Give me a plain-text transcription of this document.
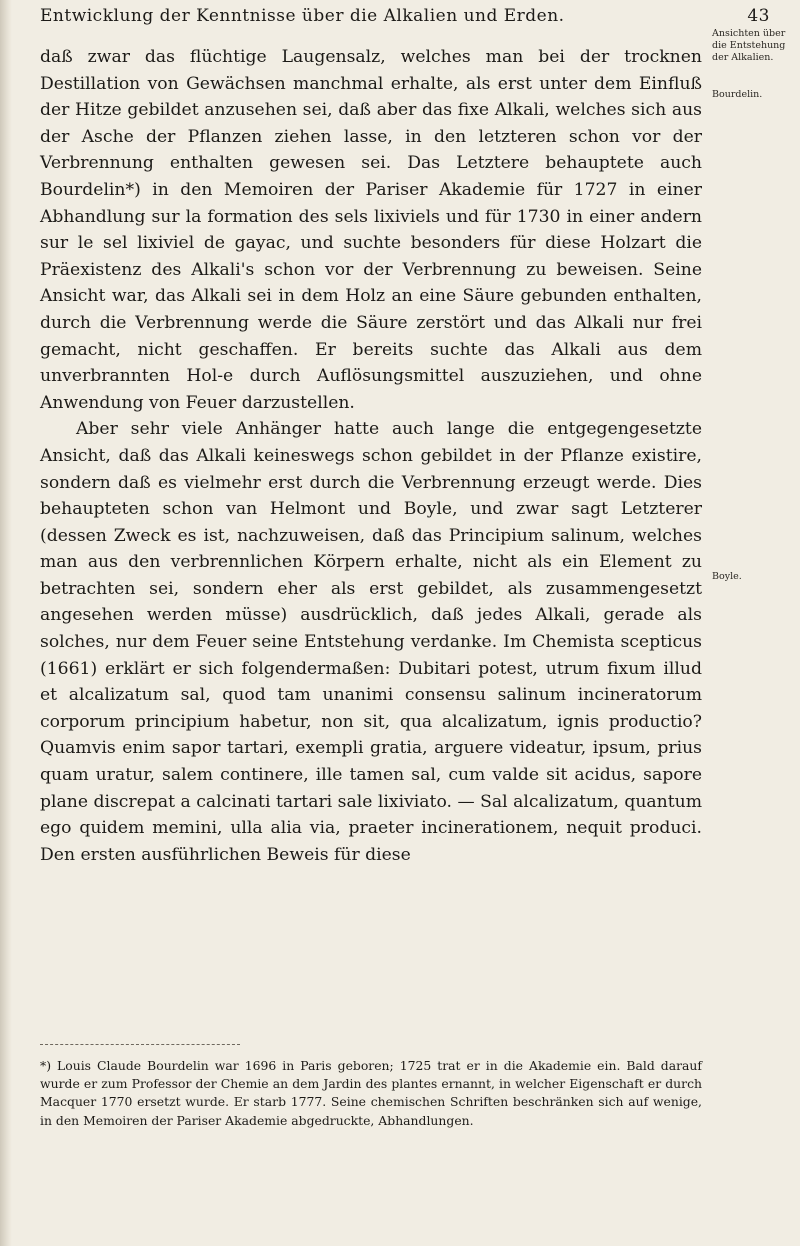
Entwicklung der Kenntnisse über die Alkalien und Erden.	43

daß zwar das flüchtige Laugensalz, welches man bei der trocknen Destillation von Gewächsen manchmal erhalte, als erst unter dem Einfluß der Hitze gebildet anzusehen sei, daß aber das fixe Alkali, welches sich aus der Asche der Pflanzen ziehen lasse, in den letzteren schon vor der Verbrennung enthalten gewesen sei. Das Letztere behauptete auch Bourdelin*) in den Memoiren der Pariser Akademie für 1727 in einer Abhandlung sur la formation des sels lixiviels und für 1730 in einer andern sur le sel lixiviel de gayac, und suchte besonders für diese Holzart die Präexistenz des Alkali's schon vor der Verbrennung zu beweisen. Seine Ansicht war, das Alkali sei in dem Holz an eine Säure gebunden enthalten, durch die Verbrennung werde die Säure zerstört und das Alkali nur frei gemacht, nicht geschaffen. Er bereits suchte das Alkali aus dem unverbrannten Hol-e durch Auflösungsmittel auszuziehen, und ohne Anwendung von Feuer darzustellen.

Aber sehr viele Anhänger hatte auch lange die entgegengesetzte Ansicht, daß das Alkali keineswegs schon gebildet in der Pflanze existire, sondern daß es vielmehr erst durch die Verbrennung erzeugt werde. Dies behaupteten schon van Helmont und Boyle, und zwar sagt Letzterer (dessen Zweck es ist, nachzuweisen, daß das Principium salinum, welches man aus den verbrennlichen Körpern erhalte, nicht als ein Element zu betrachten sei, sondern eher als erst gebildet, als zusammengesetzt angesehen werden müsse) ausdrücklich, daß jedes Alkali, gerade als solches, nur dem Feuer seine Entstehung verdanke. Im Chemista scepticus (1661) erklärt er sich folgendermaßen: Dubitari potest, utrum fixum illud et alcalizatum sal, quod tam unanimi consensu salinum incineratorum corporum principium habetur, non sit, qua alcalizatum, ignis productio? Quamvis enim sapor tartari, exempli gratia, arguere videatur, ipsum, prius quam uratur, salem continere, ille tamen sal, cum valde sit acidus, sapore plane discrepat a calcinati tartari sale lixiviato. — Sal alcalizatum, quantum ego quidem memini, ulla alia via, praeter incinerationem, nequit produci. Den ersten ausführlichen Beweis für diese

Ansichten über die Entstehung der Alkalien.
Bourdelin.
Boyle.
*) Louis Claude Bourdelin war 1696 in Paris geboren; 1725 trat er in die Akademie ein. Bald darauf wurde er zum Professor der Chemie an dem Jardin des plantes ernannt, in welcher Eigenschaft er durch Macquer 1770 ersetzt wurde. Er starb 1777. Seine chemischen Schriften beschränken sich auf wenige, in den Memoiren der Pariser Akademie abgedruckte, Abhandlungen.
